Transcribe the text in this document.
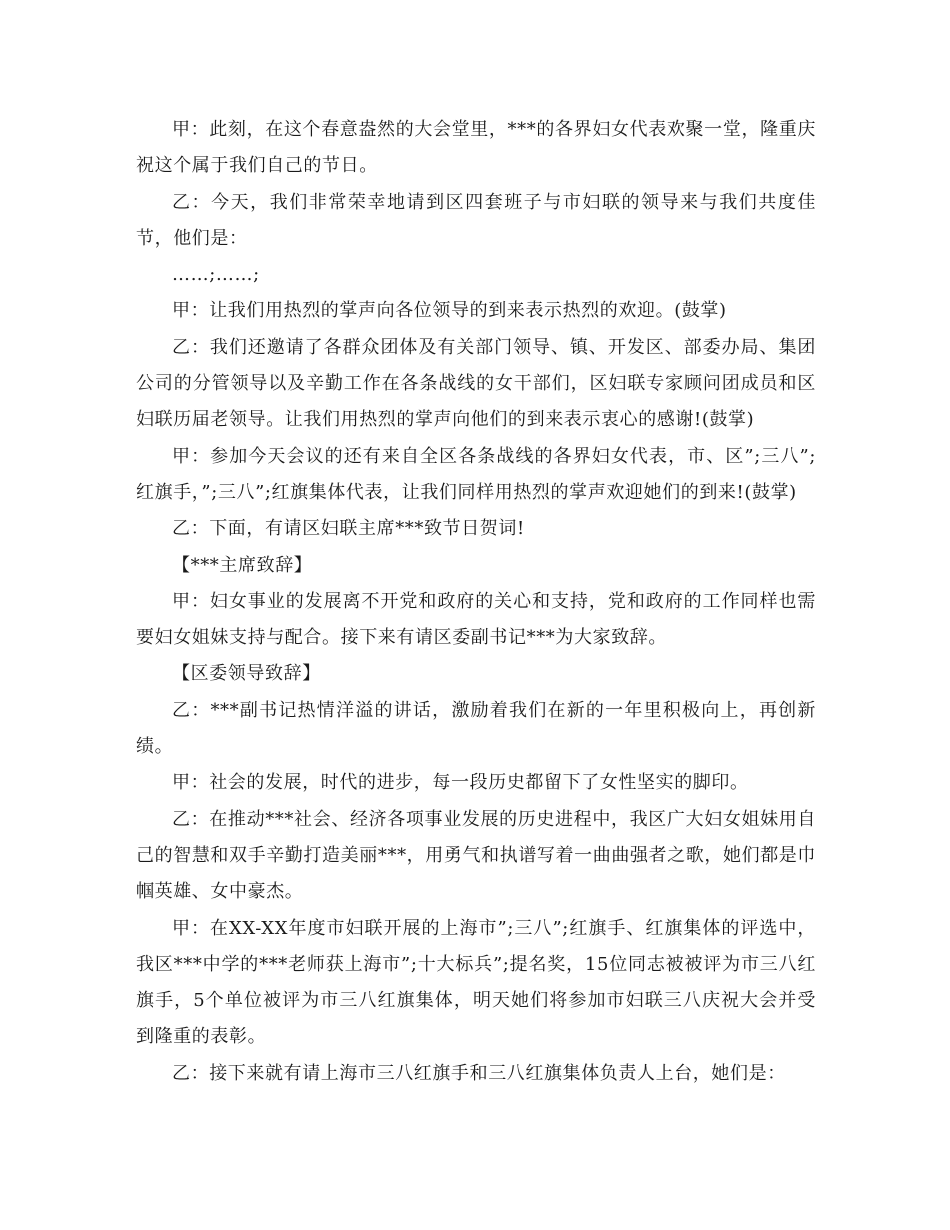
甲：此刻，在这个春意盎然的大会堂里，***的各界妇女代表欢聚一堂，隆重庆祝这个属于我们自己的节日。

乙：今天，我们非常荣幸地请到区四套班子与市妇联的领导来与我们共度佳节，他们是：

……;……;

甲：让我们用热烈的掌声向各位领导的到来表示热烈的欢迎。(鼓掌)

乙：我们还邀请了各群众团体及有关部门领导、镇、开发区、部委办局、集团公司的分管领导以及辛勤工作在各条战线的女干部们，区妇联专家顾问团成员和区妇联历届老领导。让我们用热烈的掌声向他们的到来表示衷心的感谢!(鼓掌)

甲：参加今天会议的还有来自全区各条战线的各界妇女代表，市、区”;三八”;红旗手，”;三八”;红旗集体代表，让我们同样用热烈的掌声欢迎她们的到来!(鼓掌)

乙：下面，有请区妇联主席***致节日贺词!

【***主席致辞】

甲：妇女事业的发展离不开党和政府的关心和支持，党和政府的工作同样也需要妇女姐妹支持与配合。接下来有请区委副书记***为大家致辞。

【区委领导致辞】

乙：***副书记热情洋溢的讲话，激励着我们在新的一年里积极向上，再创新绩。

甲：社会的发展，时代的进步，每一段历史都留下了女性坚实的脚印。

乙：在推动***社会、经济各项事业发展的历史进程中，我区广大妇女姐妹用自己的智慧和双手辛勤打造美丽***，用勇气和执谱写着一曲曲强者之歌，她们都是巾帼英雄、女中豪杰。

甲：在XX-XX年度市妇联开展的上海市”;三八”;红旗手、红旗集体的评选中，我区***中学的***老师获上海市”;十大标兵”;提名奖，15位同志被被评为市三八红旗手，5个单位被评为市三八红旗集体，明天她们将参加市妇联三八庆祝大会并受到隆重的表彰。

乙：接下来就有请上海市三八红旗手和三八红旗集体负责人上台，她们是：
